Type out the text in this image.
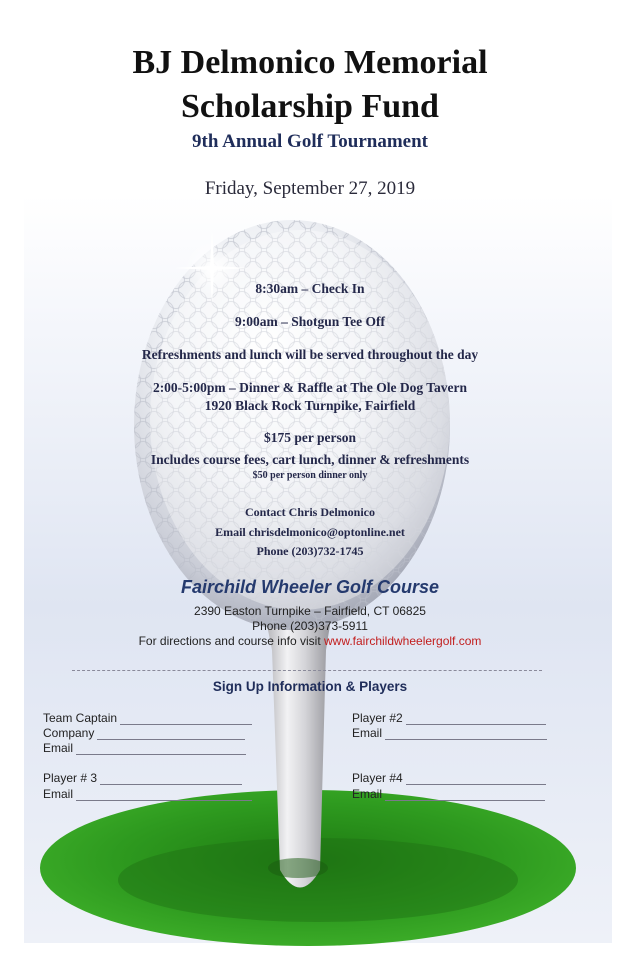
BJ Delmonico Memorial
Scholarship Fund
9th Annual Golf Tournament
Friday, September 27, 2019
8:30am – Check In
9:00am – Shotgun Tee Off
Refreshments and lunch will be served throughout the day
2:00-5:00pm – Dinner & Raffle at The Ole Dog Tavern
1920 Black Rock Turnpike, Fairfield
$175 per person
Includes course fees, cart lunch, dinner & refreshments
$50 per person dinner only
Contact Chris Delmonico
Email chrisdelmonico@optonline.net
Phone (203)732-1745
Fairchild Wheeler Golf Course
2390 Easton Turnpike – Fairfield, CT 06825
Phone (203)373-5911
For directions and course info visit www.fairchildwheelergolf.com
Sign Up Information & Players
Team Captain
Company
Email
Player # 3
Email
Player #2
Email
Player #4
Email
